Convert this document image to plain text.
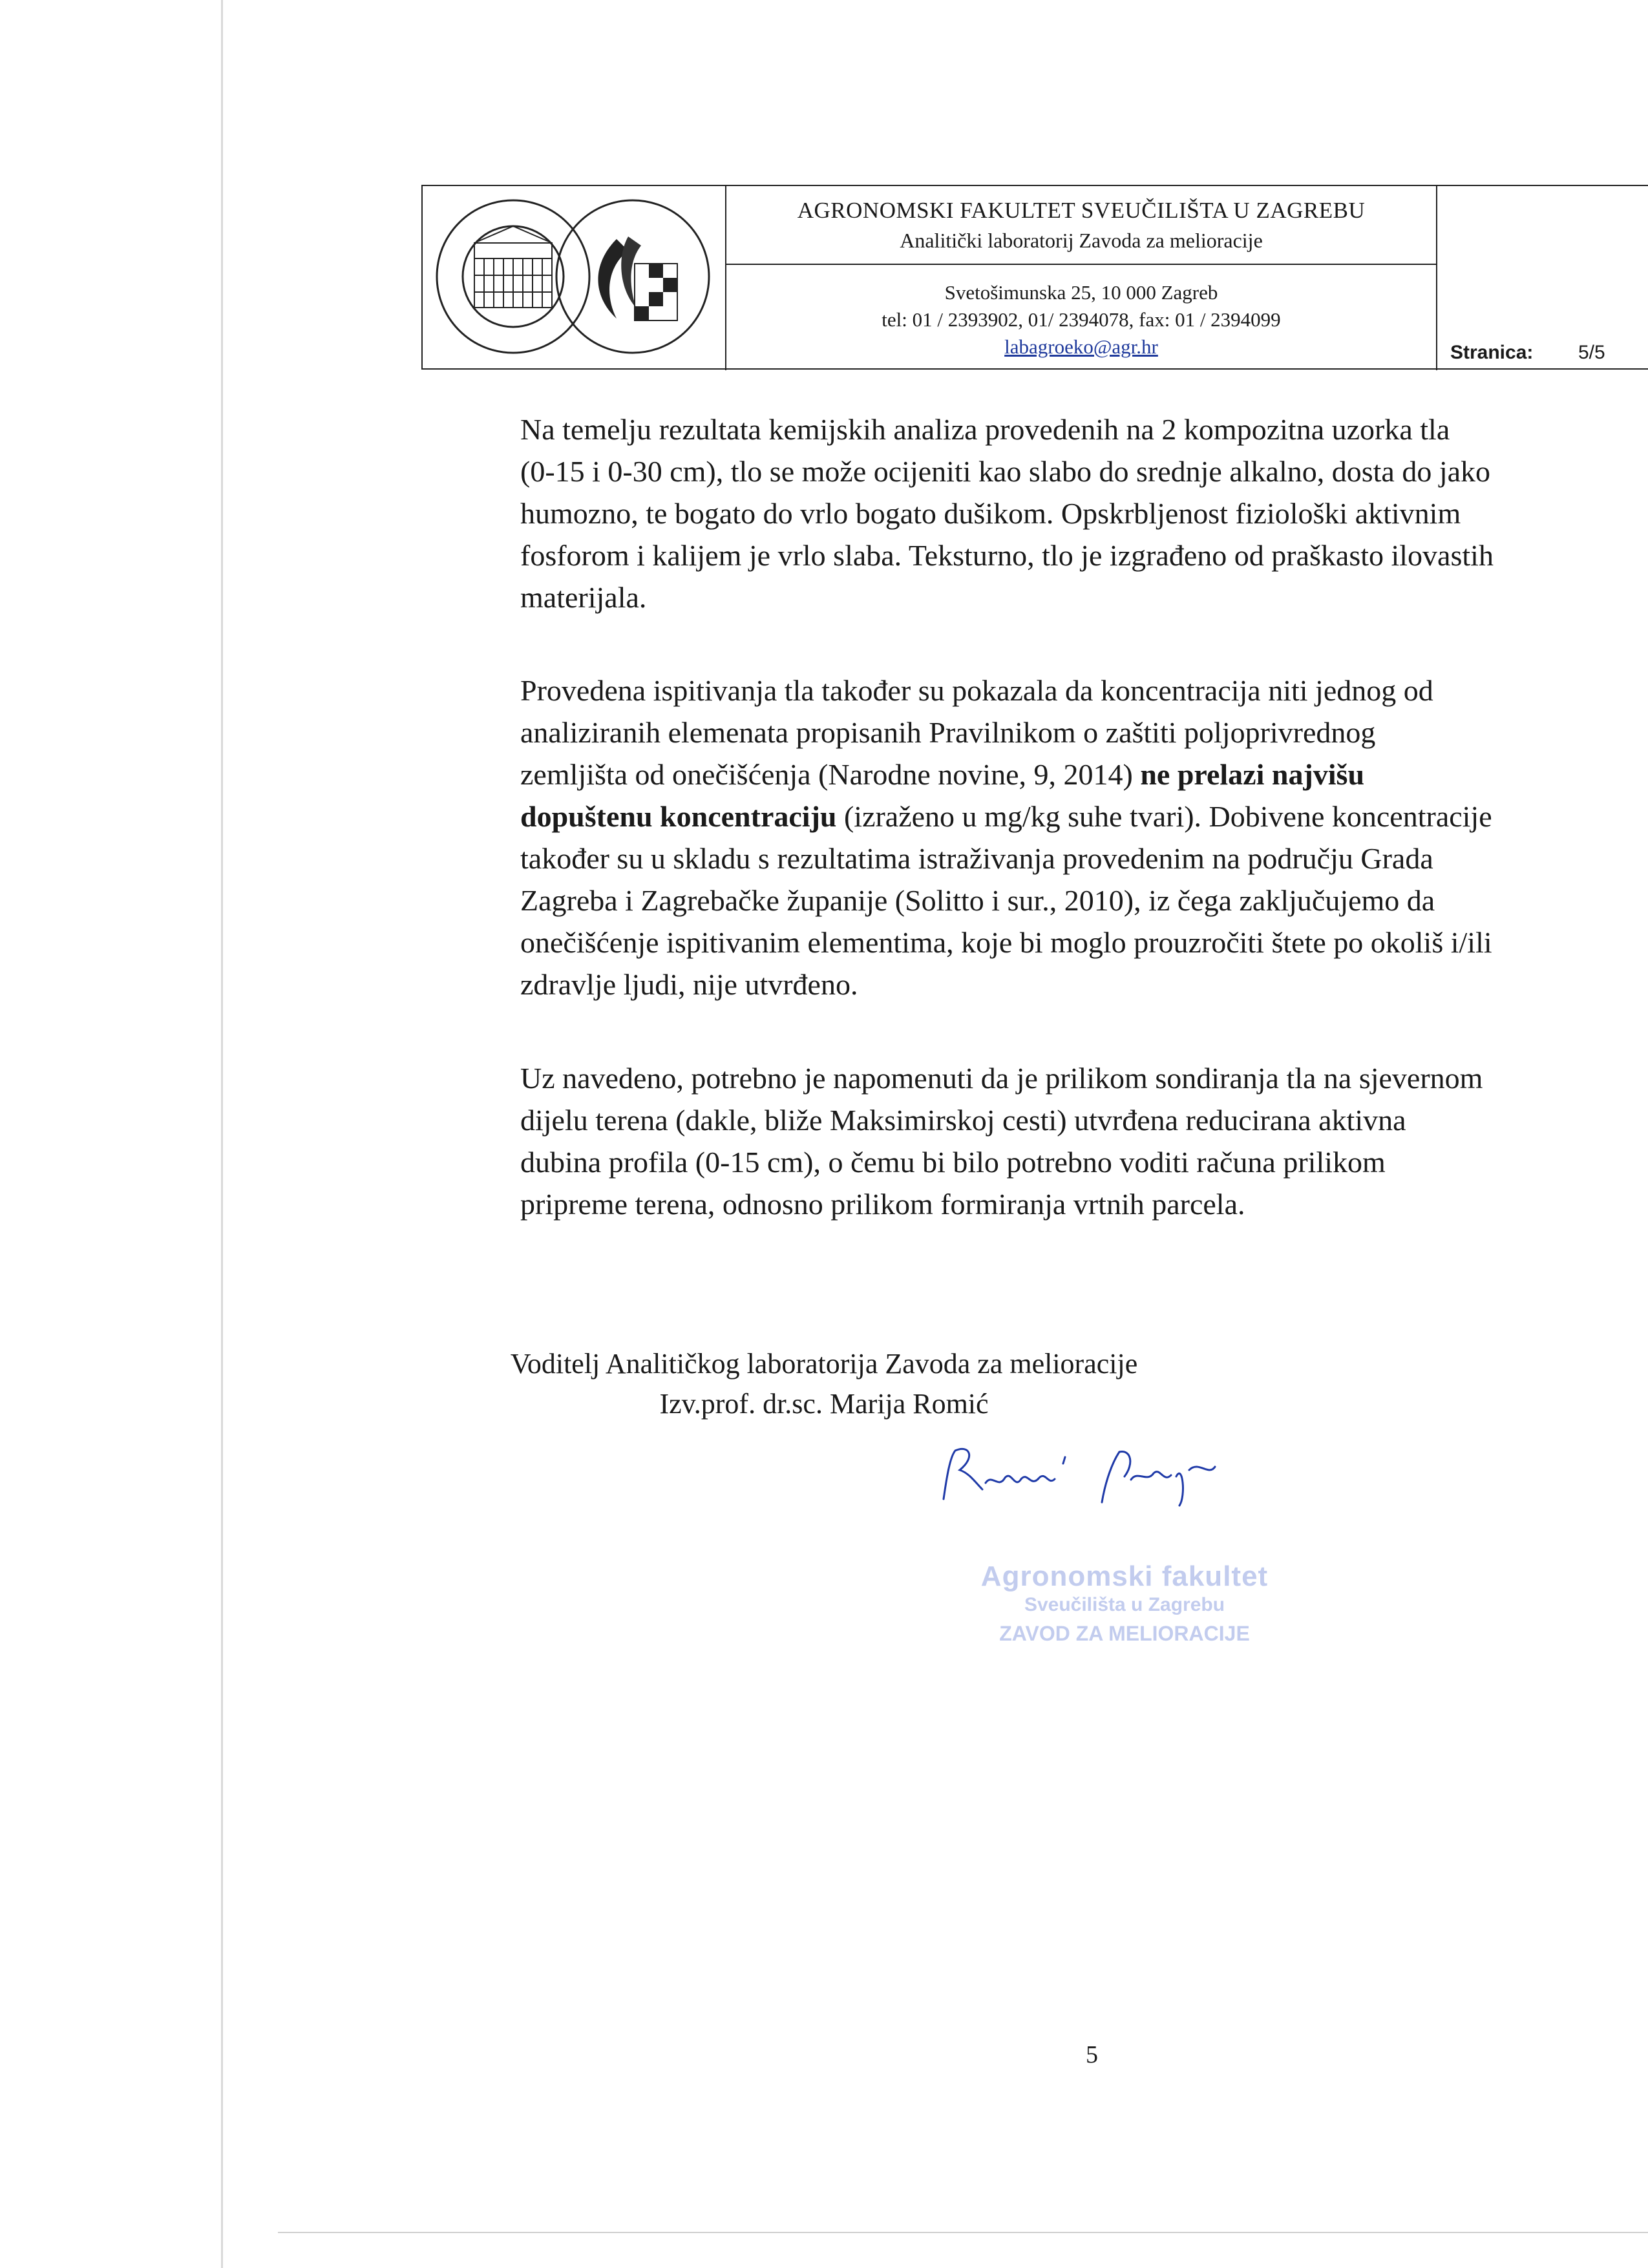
AGRONOMSKI FAKULTET SVEUČILIŠTA U ZAGREBU
Analitički laboratorij Zavoda za melioracije
Svetošimunska 25, 10 000 Zagreb
tel: 01 / 2393902, 01/ 2394078, fax: 01 / 2394099
labagroeko@agr.hr	Stranica: 5/5

Na temelju rezultata kemijskih analiza provedenih na 2 kompozitna uzorka tla

(0-15 i 0-30 cm), tlo se može ocijeniti kao slabo do srednje alkalno, dosta do jako

humozno, te bogato do vrlo bogato dušikom. Opskrbljenost fiziološki aktivnim

fosforom i kalijem je vrlo slaba. Teksturno, tlo je izgrađeno od praškasto ilovastih

materijala.

Provedena ispitivanja tla također su pokazala da koncentracija niti jednog od

analiziranih elemenata propisanih Pravilnikom o zaštiti poljoprivrednog

zemljišta od onečišćenja (Narodne novine, 9, 2014) ne prelazi najvišu

dopuštenu koncentraciju (izraženo u mg/kg suhe tvari). Dobivene koncentracije

također su u skladu s rezultatima istraživanja provedenim na području Grada

Zagreba i Zagrebačke županije (Solitto i sur., 2010), iz čega zaključujemo da

onečišćenje ispitivanim elementima, koje bi moglo prouzročiti štete po okoliš i/ili

zdravlje ljudi, nije utvrđeno.

Uz navedeno, potrebno je napomenuti da je prilikom sondiranja tla na sjevernom

dijelu terena (dakle, bliže Maksimirskoj cesti) utvrđena reducirana aktivna

dubina profila (0-15 cm), o čemu bi bilo potrebno voditi računa prilikom

pripreme terena, odnosno prilikom formiranja vrtnih parcela.

Voditelj Analitičkog laboratorija Zavoda za melioracije
Izv.prof. dr.sc. Marija Romić
Agronomski fakultet
Sveučilišta u Zagrebu
ZAVOD ZA MELIORACIJE
5
